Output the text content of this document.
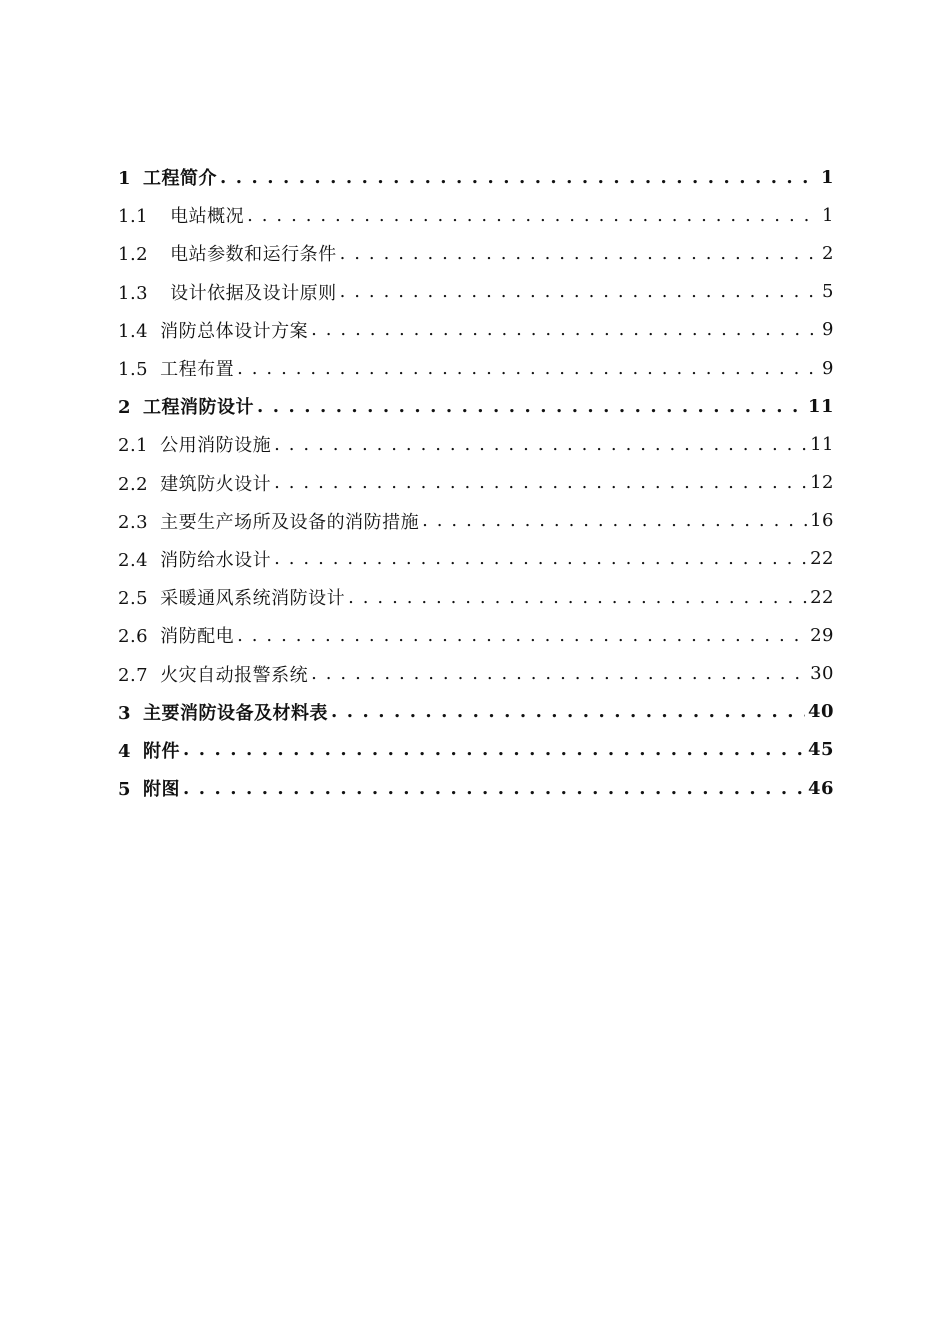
1 工程简介 . . .	1
1.1 电站概况 . . .	1
1.2 电站参数和运行条件 . . .	2
1.3 设计依据及设计原则 . . .	5
1.4 消防总体设计方案 . . .	9
1.5 工程布置 . . .	9
2 工程消防设计 . . .	11
2.1 公用消防设施 . . .	11
2.2 建筑防火设计 . . .	12
2.3 主要生产场所及设备的消防措施 . . .	16
2.4 消防给水设计 . . .	22
2.5 采暖通风系统消防设计 . . .	22
2.6 消防配电 . . .	29
2.7 火灾自动报警系统 . . .	30
3 主要消防设备及材料表 . . .	40
4 附件 . . .	45
5 附图 . . .	46
